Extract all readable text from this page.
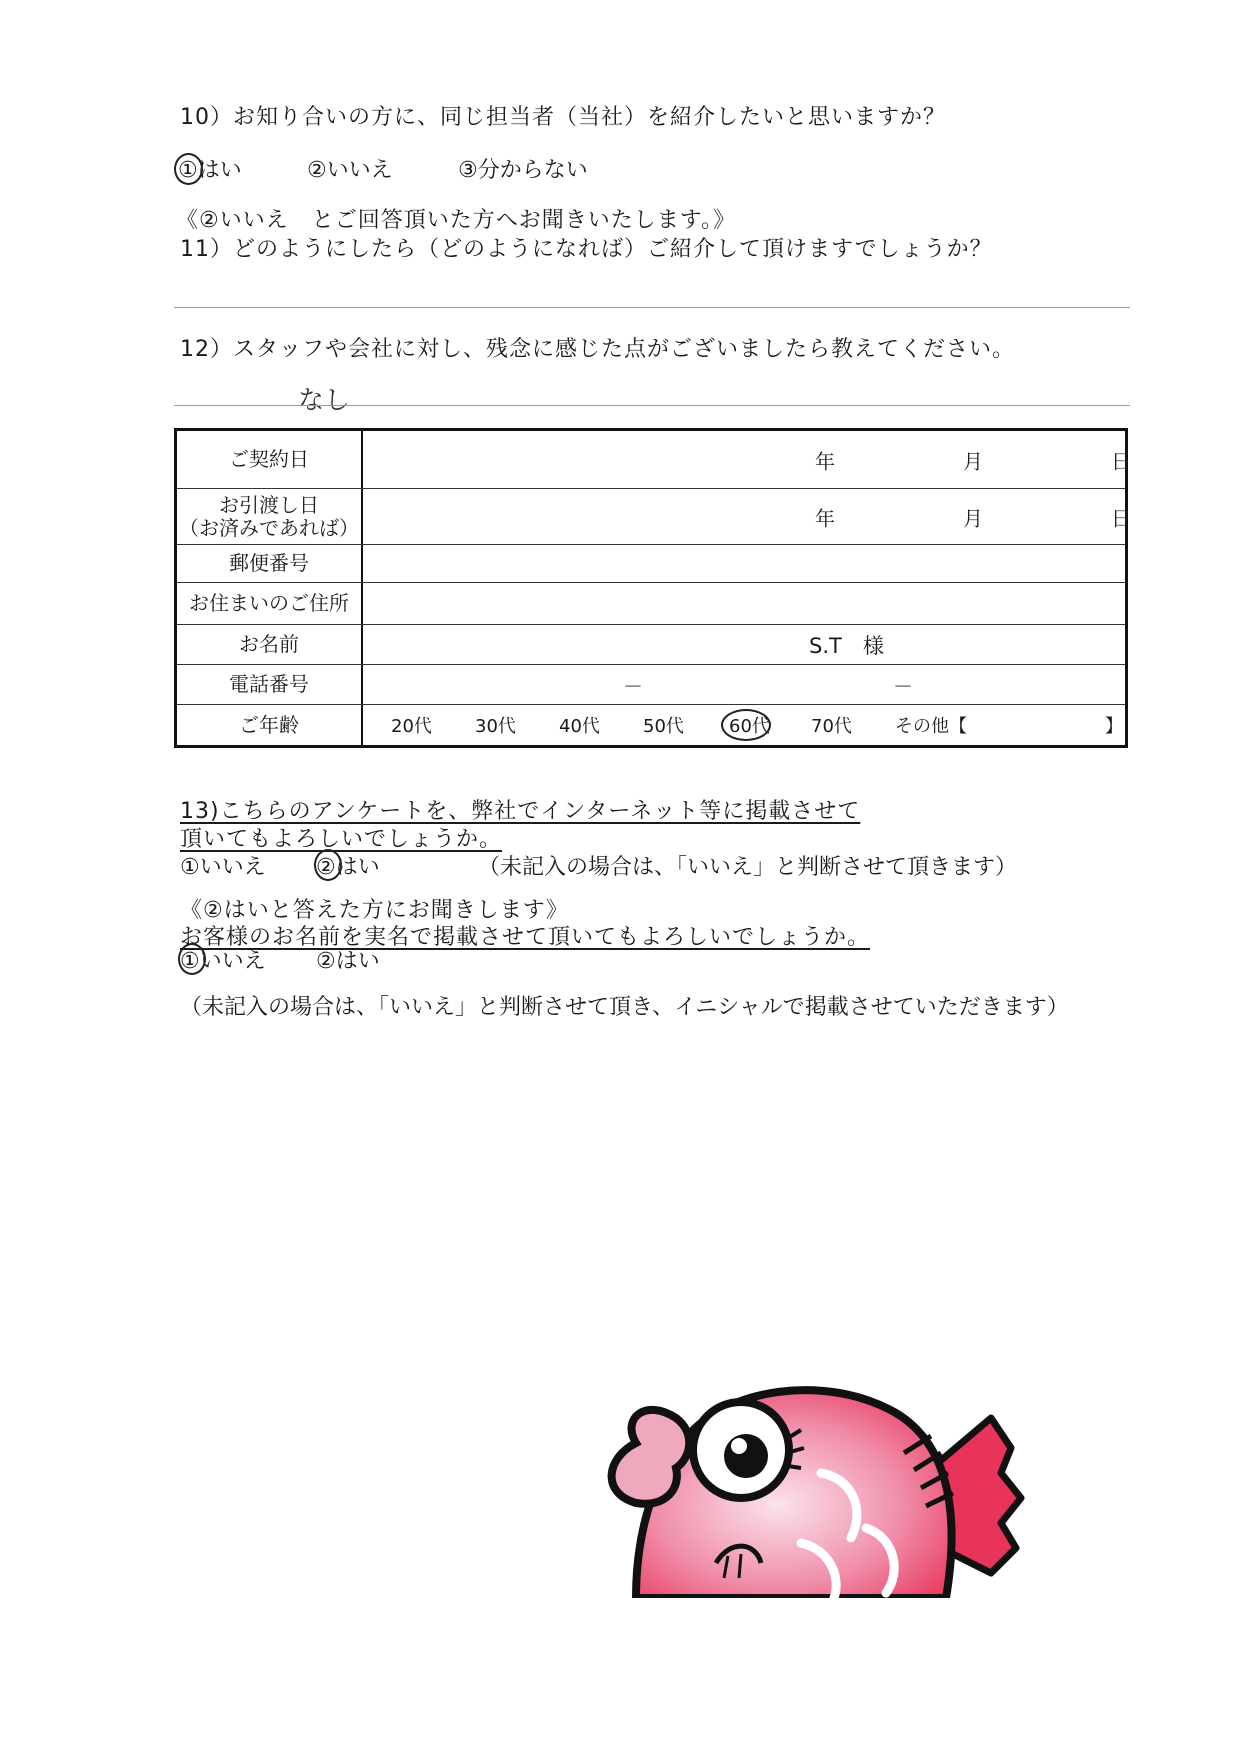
10）お知り合いの方に、同じ担当者（当社）を紹介したいと思いますか？
①はい	②いいえ	③分からない
《②いいえ　とご回答頂いた方へお聞きいたします。》
11）どのようにしたら（どのようになれば）ご紹介して頂けますでしょうか？
12）スタッフや会社に対し、残念に感じた点がございましたら教えてください。
なし
ご契約日	年	月	日
お引渡し日
（お済みであれば）	年	月	日
郵便番号
お住まいのご住所
お名前	S.T　様
電話番号	－	－
ご年齢	20代 30代 40代 50代	60代 70代 その他【	】
13)こちらのアンケートを、弊社でインターネット等に掲載させて
頂いてもよろしいでしょうか。
①いいえ ②はい	（未記入の場合は、「いいえ」と判断させて頂きます）
《②はいと答えた方にお聞きします》
お客様のお名前を実名で掲載させて頂いてもよろしいでしょうか。
①いいえ ②はい
（未記入の場合は、「いいえ」と判断させて頂き、イニシャルで掲載させていただきます）
